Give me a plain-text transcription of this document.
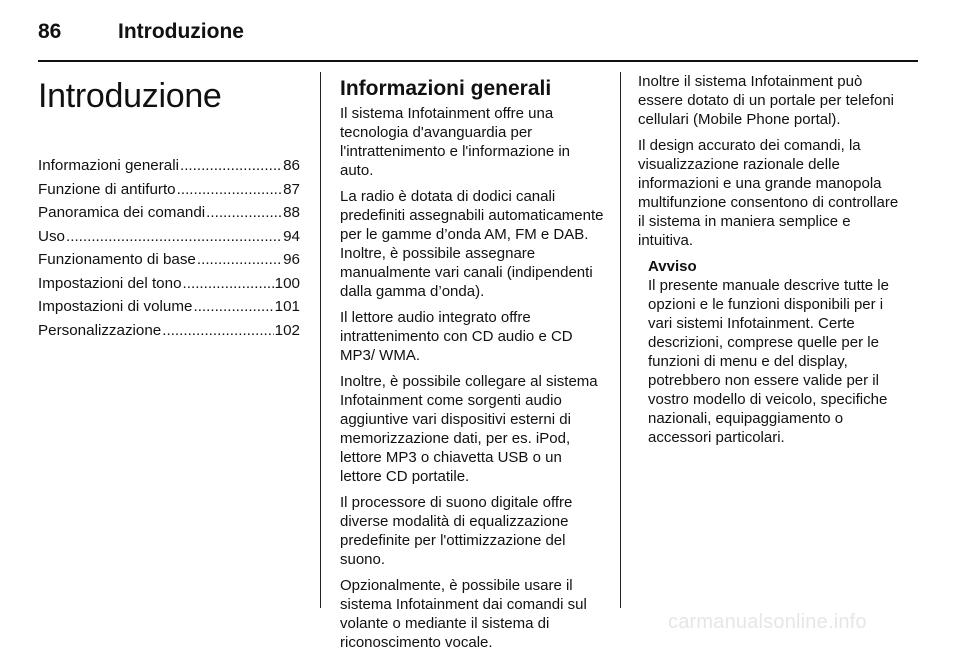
86	Introduzione
Introduzione
Informazioni generali .....	86
Funzione di antifurto .....	87
Panoramica dei comandi .....	88
Uso .....	94
Funzionamento di base .....	96
Impostazioni del tono .....	100
Impostazioni di volume .....	101
Personalizzazione .....	102
Informazioni generali

Il sistema Infotainment offre una tecnologia d'avanguardia per l'intrattenimento e l'informazione in auto.

La radio è dotata di dodici canali predefiniti assegnabili automaticamente per le gamme d’onda AM, FM e DAB. Inoltre, è possibile assegnare manualmente vari canali (indipendenti dalla gamma d’onda).

Il lettore audio integrato offre intrattenimento con CD audio e CD MP3/ WMA.

Inoltre, è possibile collegare al sistema Infotainment come sorgenti audio aggiuntive vari dispositivi esterni di memorizzazione dati, per es. iPod, lettore MP3 o chiavetta USB o un lettore CD portatile.

Il processore di suono digitale offre diverse modalità di equalizzazione predefinite per l'ottimizzazione del suono.

Opzionalmente, è possibile usare il sistema Infotainment dai comandi sul volante o mediante il sistema di riconoscimento vocale.

Inoltre il sistema Infotainment può essere dotato di un portale per telefoni cellulari (Mobile Phone portal).

Il design accurato dei comandi, la visualizzazione razionale delle informazioni e una grande manopola multifunzione consentono di controllare il sistema in maniera semplice e intuitiva.

Avviso

Il presente manuale descrive tutte le opzioni e le funzioni disponibili per i vari sistemi Infotainment. Certe descrizioni, comprese quelle per le funzioni di menu e del display, potrebbero non essere valide per il vostro modello di veicolo, specifiche nazionali, equipaggiamento o accessori particolari.

carmanualsonline.info
